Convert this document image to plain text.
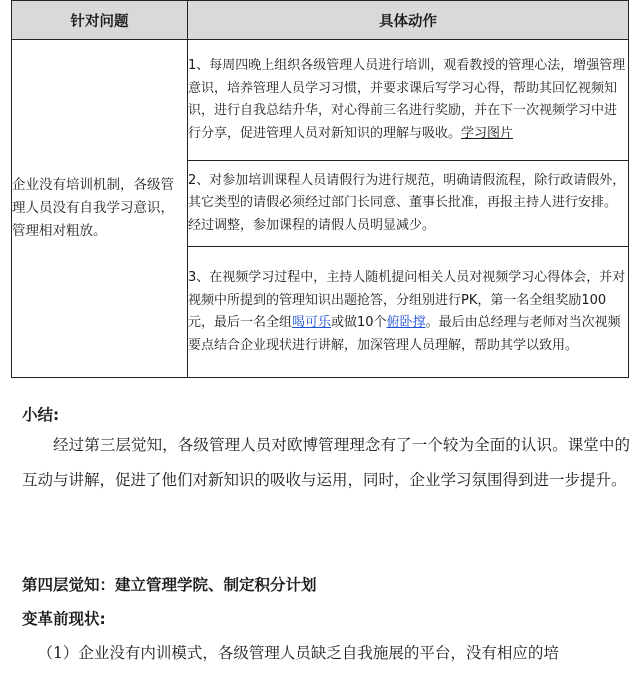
针对问题	具体动作
企业没有培训机制，各级管理人员没有自我学习意识，管理相对粗放。	1、每周四晚上组织各级管理人员进行培训，观看教授的管理心法，增强管理意识，培养管理人员学习习惯，并要求课后写学习心得，帮助其回忆视频知识，进行自我总结升华，对心得前三名进行奖励，并在下一次视频学习中进行分享，促进管理人员对新知识的理解与吸收。学习图片
	2、对参加培训课程人员请假行为进行规范，明确请假流程，除行政请假外，其它类型的请假必须经过部门长同意、董事长批准，再报主持人进行安排。经过调整，参加课程的请假人员明显减少。
	3、在视频学习过程中，主持人随机提问相关人员对视频学习心得体会，并对视频中所提到的管理知识出题抢答，分组别进行PK，第一名全组奖励100元，最后一名全组喝可乐或做10个俯卧撑。最后由总经理与老师对当次视频要点结合企业现状进行讲解，加深管理人员理解，帮助其学以致用。
小结:
经过第三层觉知，各级管理人员对欧博管理理念有了一个较为全面的认识。课堂中的互动与讲解，促进了他们对新知识的吸收与运用，同时，企业学习氛围得到进一步提升。
第四层觉知：建立管理学院、制定积分计划
变革前现状:
（1）企业没有内训模式，各级管理人员缺乏自我施展的平台，没有相应的培
